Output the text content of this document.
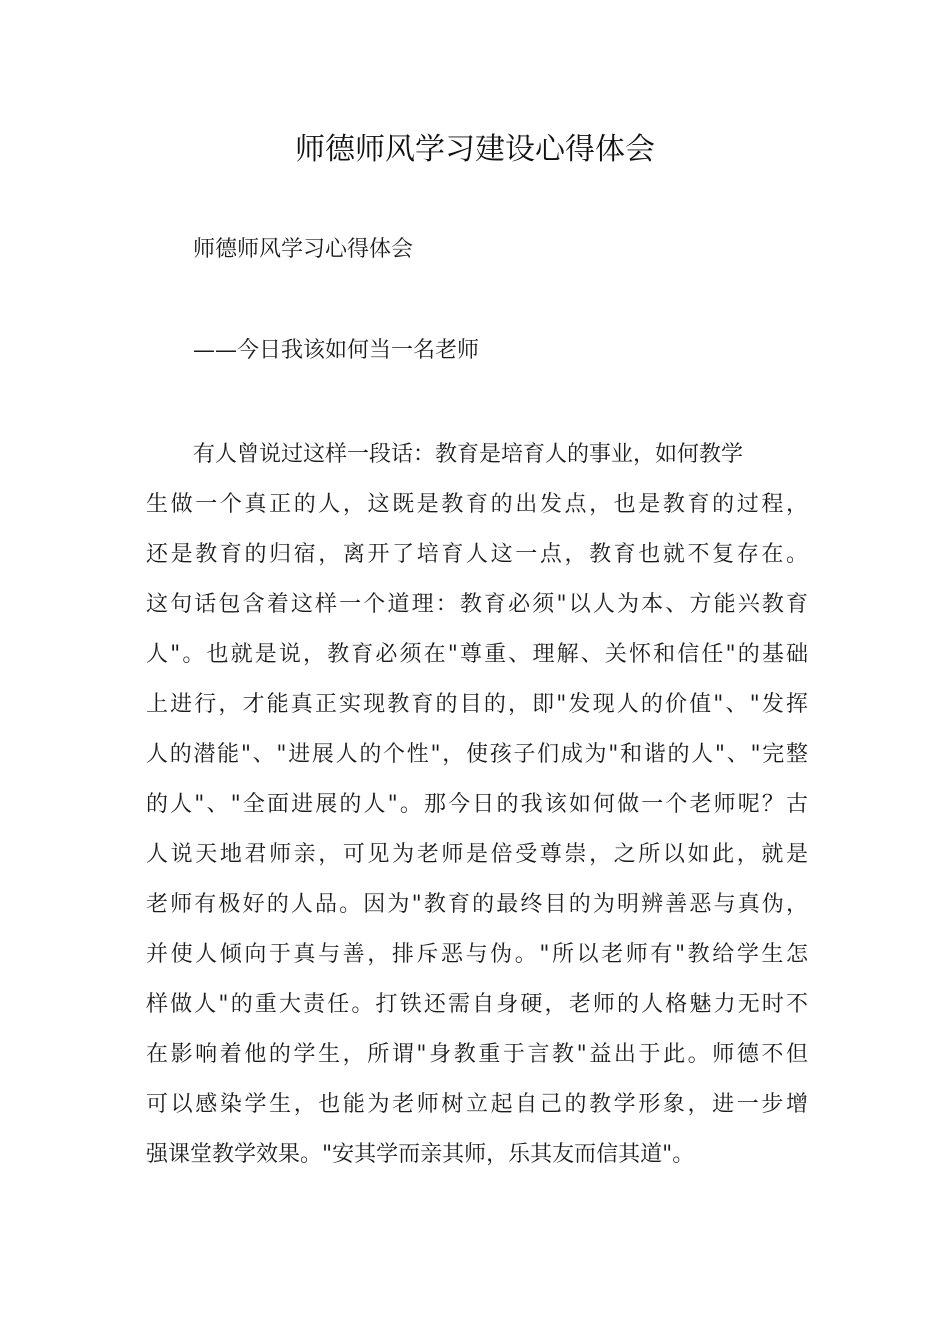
师德师风学习建设心得体会
师德师风学习心得体会
——今日我该如何当一名老师
有人曾说过这样一段话：教育是培育人的事业，如何教学
生做一个真正的人，这既是教育的出发点，也是教育的过程，
还是教育的归宿，离开了培育人这一点，教育也就不复存在。
这句话包含着这样一个道理：教育必须"以人为本、方能兴教育
人"。也就是说，教育必须在"尊重、理解、关怀和信任"的基础
上进行，才能真正实现教育的目的，即"发现人的价值"、"发挥
人的潜能"、"进展人的个性"，使孩子们成为"和谐的人"、"完整
的人"、"全面进展的人"。那今日的我该如何做一个老师呢？古
人说天地君师亲，可见为老师是倍受尊崇，之所以如此，就是
老师有极好的人品。因为"教育的最终目的为明辨善恶与真伪，
并使人倾向于真与善，排斥恶与伪。"所以老师有"教给学生怎
样做人"的重大责任。打铁还需自身硬，老师的人格魅力无时不
在影响着他的学生，所谓"身教重于言教"益出于此。师德不但
可以感染学生，也能为老师树立起自己的教学形象，进一步增
强课堂教学效果。"安其学而亲其师，乐其友而信其道"。
